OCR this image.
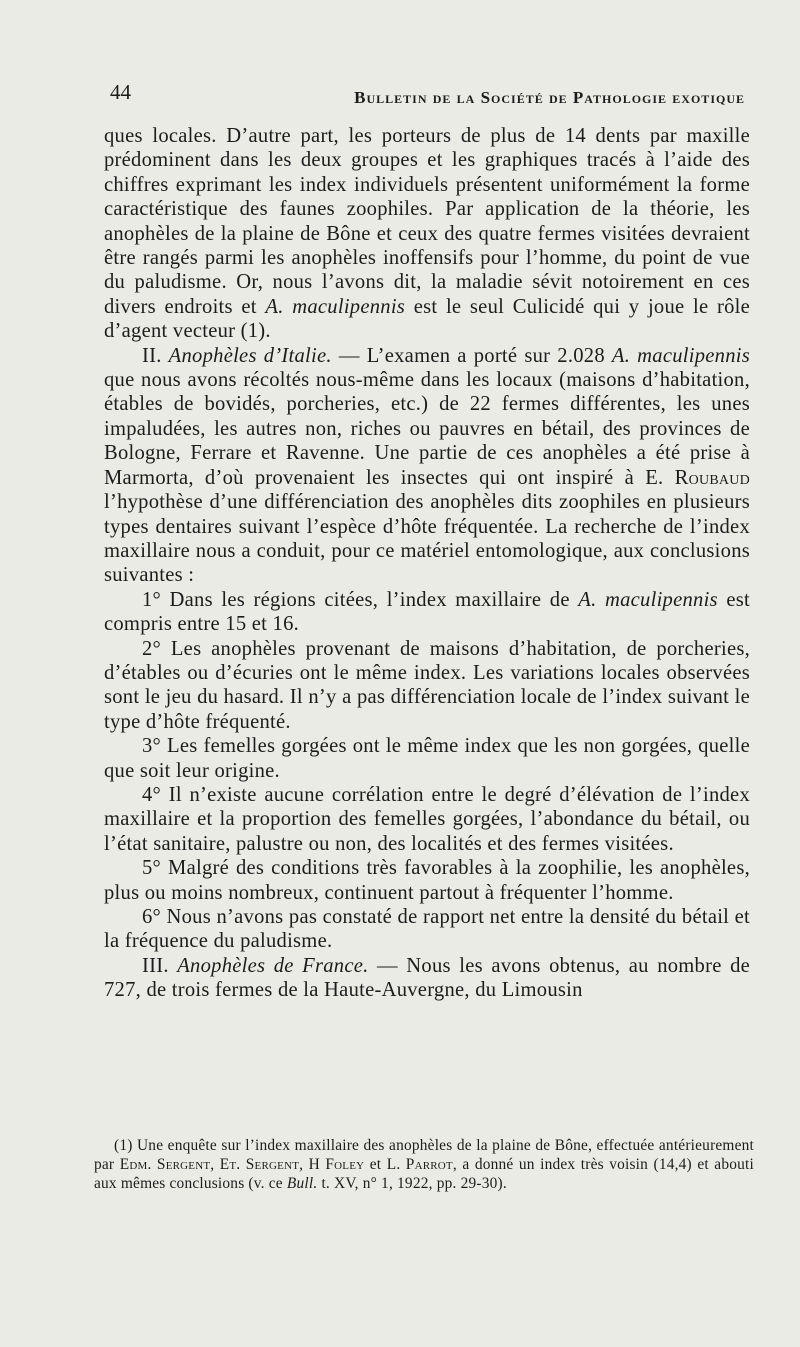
44	Bulletin de la Société de Pathologie exotique

ques locales. D’autre part, les porteurs de plus de 14 dents par maxille prédominent dans les deux groupes et les graphiques tracés à l’aide des chiffres exprimant les index individuels présentent uniformément la forme caractéristique des faunes zoophiles. Par application de la théorie, les anophèles de la plaine de Bône et ceux des quatre fermes visitées devraient être rangés parmi les anophèles inoffensifs pour l’homme, du point de vue du paludisme. Or, nous l’avons dit, la maladie sévit notoirement en ces divers endroits et A. maculipennis est le seul Culicidé qui y joue le rôle d’agent vecteur (1).

II. Anophèles d’Italie. — L’examen a porté sur 2.028 A. maculipennis que nous avons récoltés nous-même dans les locaux (maisons d’habitation, étables de bovidés, porcheries, etc.) de 22 fermes différentes, les unes impaludées, les autres non, riches ou pauvres en bétail, des provinces de Bologne, Ferrare et Ravenne. Une partie de ces anophèles a été prise à Marmorta, d’où provenaient les insectes qui ont inspiré à E. Roubaud l’hypothèse d’une différenciation des anophèles dits zoophiles en plusieurs types dentaires suivant l’espèce d’hôte fréquentée. La recherche de l’index maxillaire nous a conduit, pour ce matériel entomologique, aux conclusions suivantes :

1° Dans les régions citées, l’index maxillaire de A. maculipennis est compris entre 15 et 16.

2° Les anophèles provenant de maisons d’habitation, de porcheries, d’étables ou d’écuries ont le même index. Les variations locales observées sont le jeu du hasard. Il n’y a pas différenciation locale de l’index suivant le type d’hôte fréquenté.

3° Les femelles gorgées ont le même index que les non gorgées, quelle que soit leur origine.

4° Il n’existe aucune corrélation entre le degré d’élévation de l’index maxillaire et la proportion des femelles gorgées, l’abondance du bétail, ou l’état sanitaire, palustre ou non, des localités et des fermes visitées.

5° Malgré des conditions très favorables à la zoophilie, les anophèles, plus ou moins nombreux, continuent partout à fréquenter l’homme.

6° Nous n’avons pas constaté de rapport net entre la densité du bétail et la fréquence du paludisme.

III. Anophèles de France. — Nous les avons obtenus, au nombre de 727, de trois fermes de la Haute-Auvergne, du Limousin

(1) Une enquête sur l’index maxillaire des anophèles de la plaine de Bône, effectuée antérieurement par Edm. Sergent, Et. Sergent, H Foley et L. Parrot, a donné un index très voisin (14,4) et abouti aux mêmes conclusions (v. ce Bull. t. XV, n° 1, 1922, pp. 29-30).
